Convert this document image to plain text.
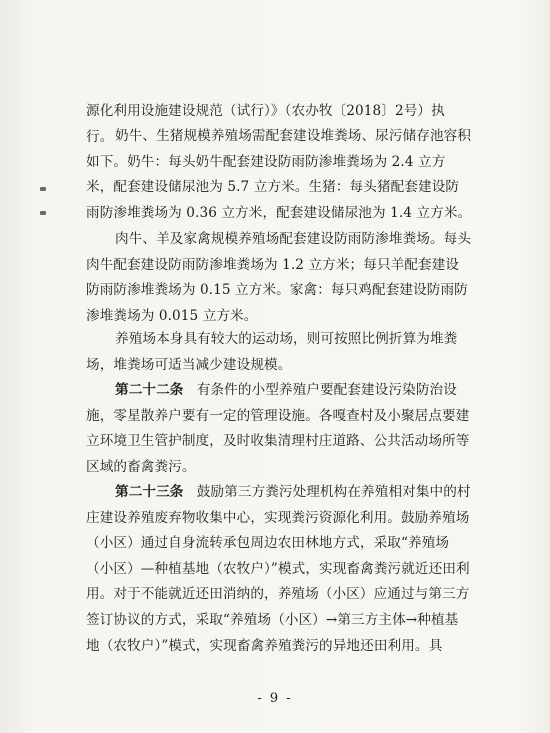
源化利用设施建设规范（试行）》（农办牧〔2018〕2号）执行。 奶牛、生猪规模养殖场需配套建设堆粪场、尿污储存池容积如下。奶牛：每头奶牛配套建设防雨防渗堆粪场为 2.4 立方米，配套建设储尿池为 5.7 立方米。生猪：每头猪配套建设防雨防渗堆粪场为 0.36 立方米，配套建设储尿池为 1.4 立方米。

肉牛、羊及家禽规模养殖场配套建设防雨防渗堆粪场。每头肉牛配套建设防雨防渗堆粪场为 1.2 立方米；每只羊配套建设防雨防渗堆粪场为 0.15 立方米。家禽：每只鸡配套建设防雨防渗堆粪场为 0.015 立方米。

养殖场本身具有较大的运动场，则可按照比例折算为堆粪场，堆粪场可适当减少建设规模。

第二十二条 有条件的小型养殖户要配套建设污染防治设施，零星散养户要有一定的管理设施。各嘎查村及小聚居点要建立环境卫生管护制度，及时收集清理村庄道路、公共活动场所等区域的畜禽粪污。

第二十三条 鼓励第三方粪污处理机构在养殖相对集中的村庄建设养殖废弃物收集中心，实现粪污资源化利用。鼓励养殖场（小区）通过自身流转承包周边农田林地方式，采取“养殖场（小区）—种植基地（农牧户）”模式，实现畜禽粪污就近还田利用。对于不能就近还田消纳的，养殖场（小区）应通过与第三方签订协议的方式，采取“养殖场（小区）→第三方主体→种植基地（农牧户）”模式，实现畜禽养殖粪污的异地还田利用。具

- 9 -
